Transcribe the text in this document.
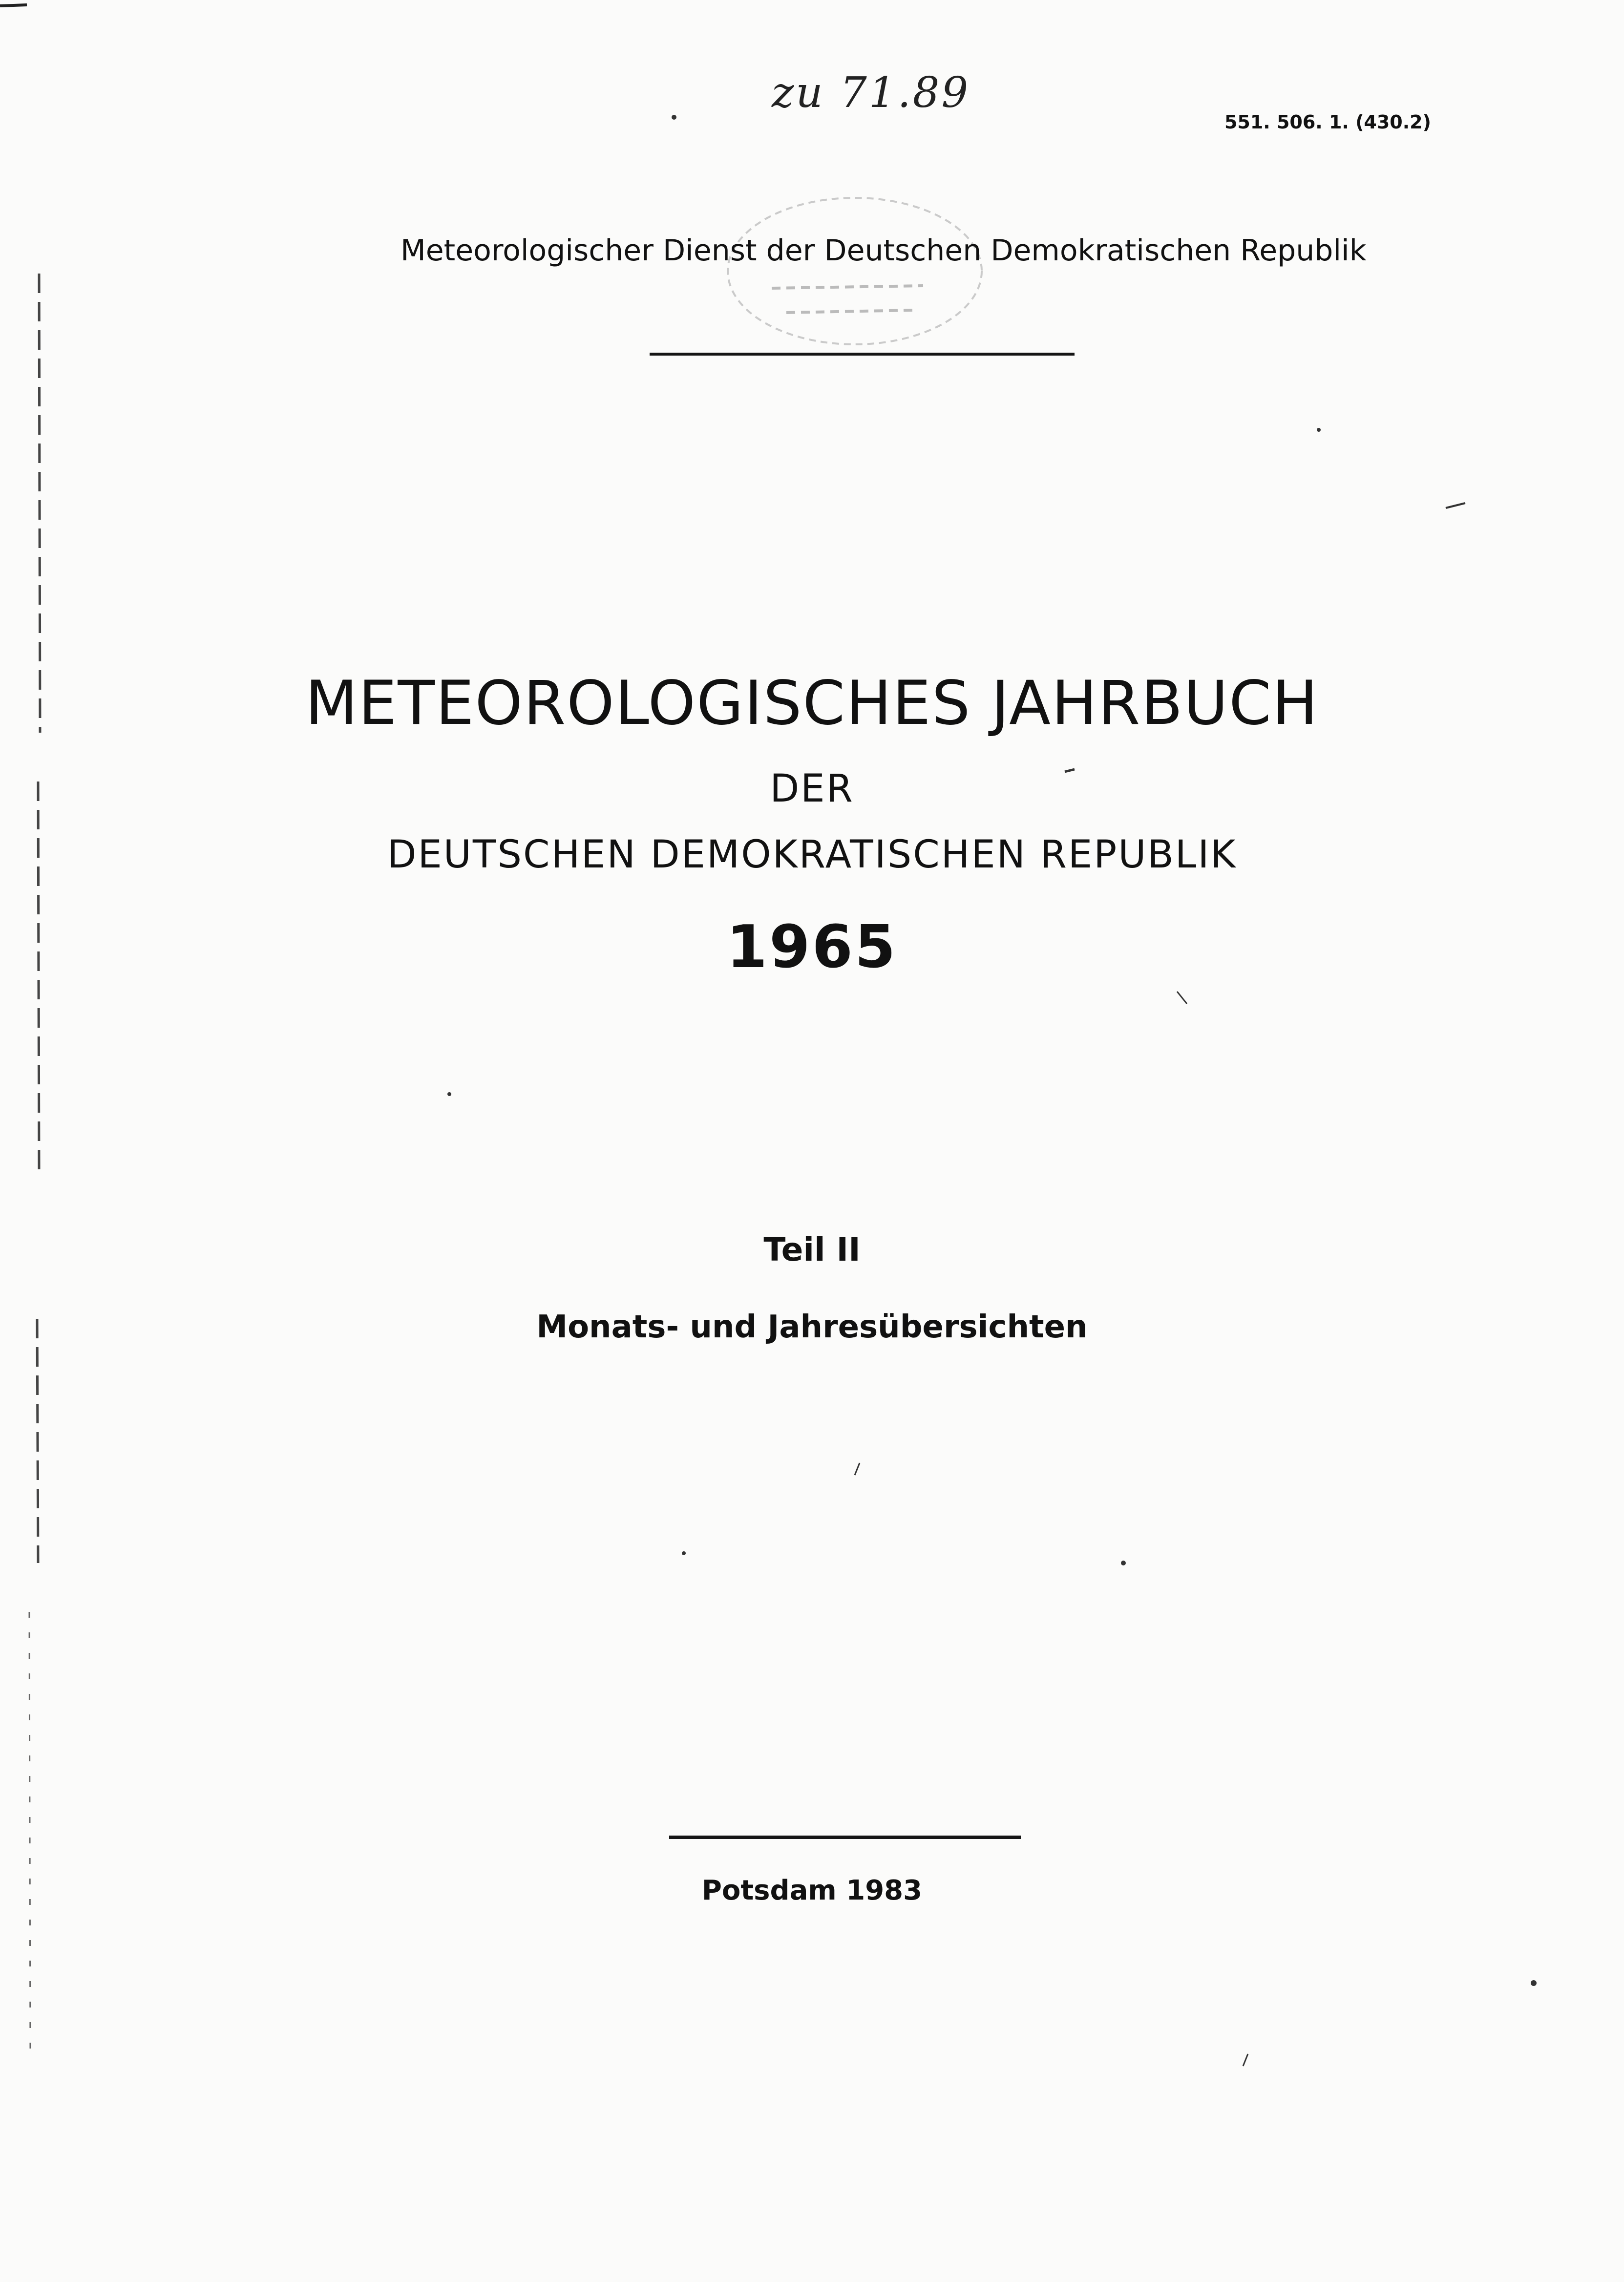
zu 71.89
551. 506. 1. (430.2)
Meteorologischer Dienst der Deutschen Demokratischen Republik
METEOROLOGISCHES JAHRBUCH
DER
DEUTSCHEN DEMOKRATISCHEN REPUBLIK
1965
Teil II
Monats- und Jahresübersichten
Potsdam 1983
